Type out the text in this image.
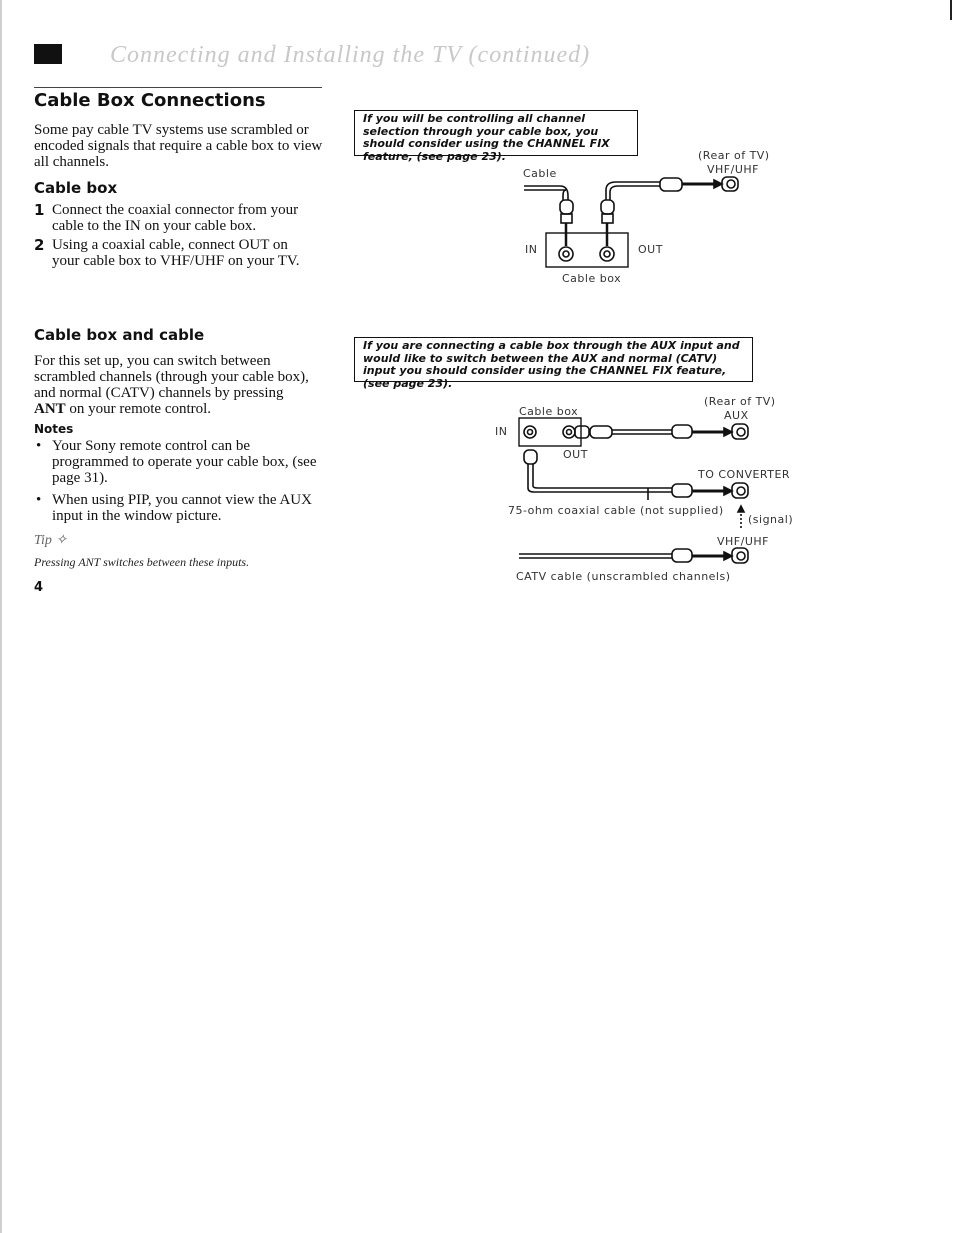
Connecting and Installing the TV (continued)
Cable Box Connections
Some pay cable TV systems use scrambled or encoded signals that require a cable box to view all channels.
Cable box
1 Connect the coaxial connector from your
cable to the IN on your cable box.
2 Using a coaxial cable, connect OUT on
your cable box to VHF/UHF on your TV.
If you will be controlling all channel selection through your cable box, you should consider using the CHANNEL FIX feature, (see page 23).
Cable box and cable
For this set up, you can switch between
scrambled channels (through your cable box),
and normal (CATV) channels by pressing
ANT on your remote control.
Notes
• Your Sony remote control can be programmed to operate your cable box, (see page 31).
• When using PIP, you cannot view the AUX input in the window picture.
Tip ✧
Pressing ANT switches between these inputs.
4
If you are connecting a cable box through the AUX input and would like to switch between the AUX and normal (CATV) input you should consider using the CHANNEL FIX feature, (see page 23).
(Rear of TV)
VHF/UHF
Cable
IN	OUT
Cable box
(Rear of TV)
AUX
Cable box
IN
OUT
TO CONVERTER
75-ohm coaxial cable (not supplied)
(signal)
VHF/UHF
CATV cable (unscrambled channels)
